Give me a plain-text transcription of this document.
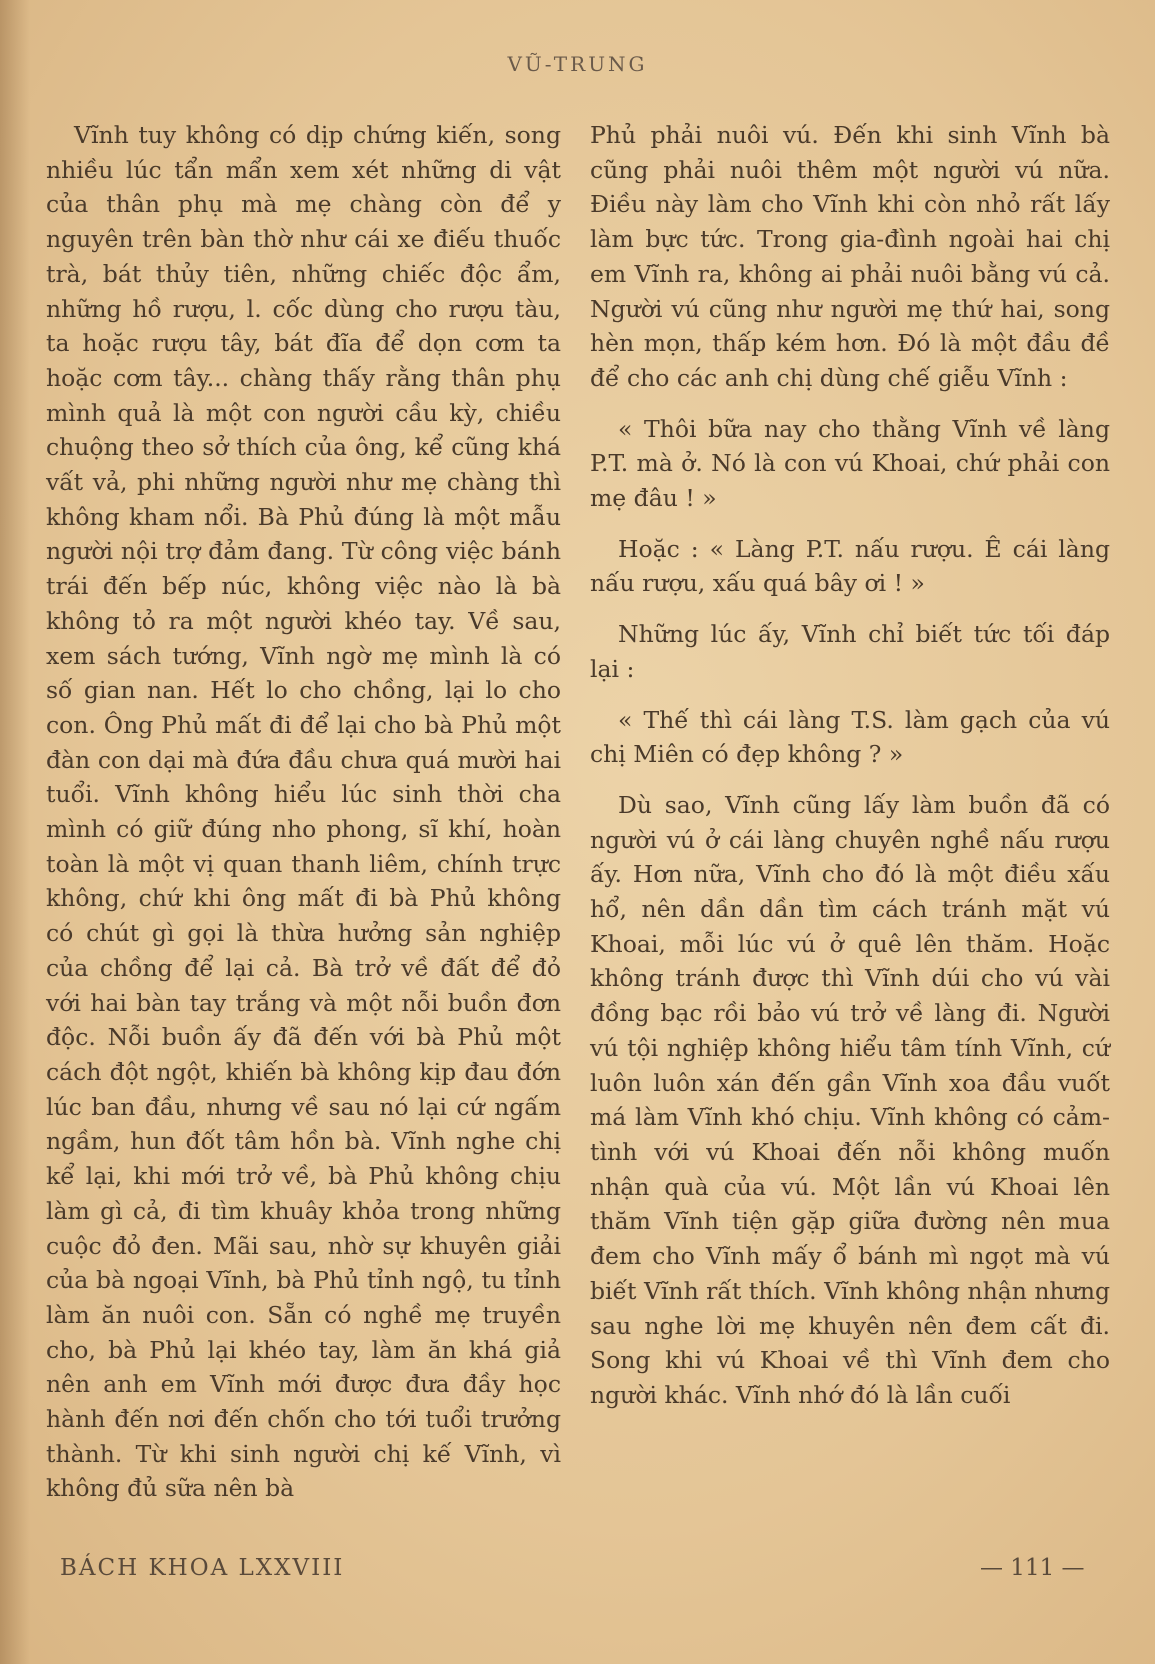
VŨ-TRUNG

Vĩnh tuy không có dịp chứng kiến, song nhiều lúc tẩn mẩn xem xét những di vật của thân phụ mà mẹ chàng còn để y nguyên trên bàn thờ như cái xe điếu thuốc trà, bát thủy tiên, những chiếc độc ẩm, những hồ rượu, l. cốc dùng cho rượu tàu, ta hoặc rượu tây, bát đĩa để dọn cơm ta hoặc cơm tây... chàng thấy rằng thân phụ mình quả là một con người cầu kỳ, chiều chuộng theo sở thích của ông, kể cũng khá vất vả, phi những người như mẹ chàng thì không kham nổi. Bà Phủ đúng là một mẫu người nội trợ đảm đang. Từ công việc bánh trái đến bếp núc, không việc nào là bà không tỏ ra một người khéo tay. Về sau, xem sách tướng, Vĩnh ngờ mẹ mình là có số gian nan. Hết lo cho chồng, lại lo cho con. Ông Phủ mất đi để lại cho bà Phủ một đàn con dại mà đứa đầu chưa quá mười hai tuổi. Vĩnh không hiểu lúc sinh thời cha mình có giữ đúng nho phong, sĩ khí, hoàn toàn là một vị quan thanh liêm, chính trực không, chứ khi ông mất đi bà Phủ không có chút gì gọi là thừa hưởng sản nghiệp của chồng để lại cả. Bà trở về đất để đỏ với hai bàn tay trắng và một nỗi buồn đơn độc. Nỗi buồn ấy đã đến với bà Phủ một cách đột ngột, khiến bà không kịp đau đớn lúc ban đầu, nhưng về sau nó lại cứ ngấm ngầm, hun đốt tâm hồn bà. Vĩnh nghe chị kể lại, khi mới trở về, bà Phủ không chịu làm gì cả, đi tìm khuây khỏa trong những cuộc đỏ đen. Mãi sau, nhờ sự khuyên giải của bà ngoại Vĩnh, bà Phủ tỉnh ngộ, tu tỉnh làm ăn nuôi con. Sẵn có nghề mẹ truyền cho, bà Phủ lại khéo tay, làm ăn khá giả nên anh em Vĩnh mới được đưa đầy học hành đến nơi đến chốn cho tới tuổi trưởng thành. Từ khi sinh người chị kế Vĩnh, vì không đủ sữa nên bà

Phủ phải nuôi vú. Đến khi sinh Vĩnh bà cũng phải nuôi thêm một người vú nữa. Điều này làm cho Vĩnh khi còn nhỏ rất lấy làm bực tức. Trong gia-đình ngoài hai chị em Vĩnh ra, không ai phải nuôi bằng vú cả. Người vú cũng như người mẹ thứ hai, song hèn mọn, thấp kém hơn. Đó là một đầu đề để cho các anh chị dùng chế giễu Vĩnh :

« Thôi bữa nay cho thằng Vĩnh về làng P.T. mà ở. Nó là con vú Khoai, chứ phải con mẹ đâu ! »

Hoặc : « Làng P.T. nấu rượu. Ê cái làng nấu rượu, xấu quá bây ơi ! »

Những lúc ấy, Vĩnh chỉ biết tức tối đáp lại :

« Thế thì cái làng T.S. làm gạch của vú chị Miên có đẹp không ? »

Dù sao, Vĩnh cũng lấy làm buồn đã có người vú ở cái làng chuyên nghề nấu rượu ấy. Hơn nữa, Vĩnh cho đó là một điều xấu hổ, nên dần dần tìm cách tránh mặt vú Khoai, mỗi lúc vú ở quê lên thăm. Hoặc không tránh được thì Vĩnh dúi cho vú vài đồng bạc rồi bảo vú trở về làng đi. Người vú tội nghiệp không hiểu tâm tính Vĩnh, cứ luôn luôn xán đến gần Vĩnh xoa đầu vuốt má làm Vĩnh khó chịu. Vĩnh không có cảm-tình với vú Khoai đến nỗi không muốn nhận quà của vú. Một lần vú Khoai lên thăm Vĩnh tiện gặp giữa đường nên mua đem cho Vĩnh mấy ổ bánh mì ngọt mà vú biết Vĩnh rất thích. Vĩnh không nhận nhưng sau nghe lời mẹ khuyên nên đem cất đi. Song khi vú Khoai về thì Vĩnh đem cho người khác. Vĩnh nhớ đó là lần cuối

BÁCH KHOA LXXVIII	— 111 —
